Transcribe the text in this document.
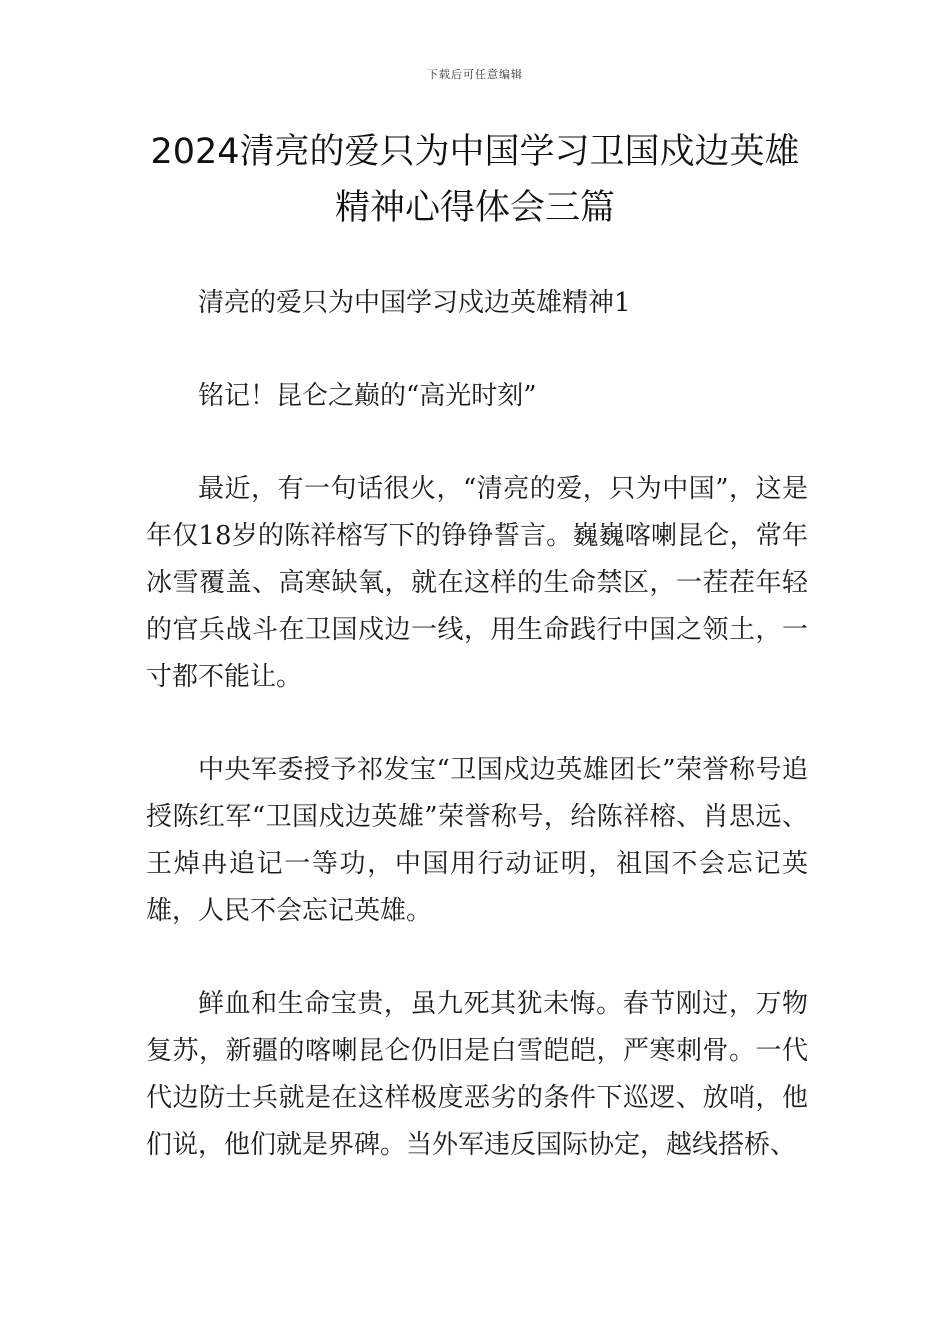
下载后可任意编辑
2024清亮的爱只为中国学习卫国戍边英雄
精神心得体会三篇

清亮的爱只为中国学习戍边英雄精神1

铭记！昆仑之巅的“高光时刻”

最近，有一句话很火，“清亮的爱，只为中国”，这是年仅18岁的陈祥榕写下的铮铮誓言。巍巍喀喇昆仑，常年冰雪覆盖、高寒缺氧，就在这样的生命禁区，一茬茬年轻的官兵战斗在卫国戍边一线，用生命践行中国之领土，一寸都不能让。

中央军委授予祁发宝“卫国戍边英雄团长”荣誉称号追授陈红军“卫国戍边英雄”荣誉称号，给陈祥榕、肖思远、王焯冉追记一等功，中国用行动证明，祖国不会忘记英雄，人民不会忘记英雄。

鲜血和生命宝贵，虽九死其犹未悔。春节刚过，万物复苏，新疆的喀喇昆仑仍旧是白雪皑皑，严寒刺骨。一代代边防士兵就是在这样极度恶劣的条件下巡逻、放哨，他们说，他们就是界碑。当外军违反国际协定，越线搭桥、
